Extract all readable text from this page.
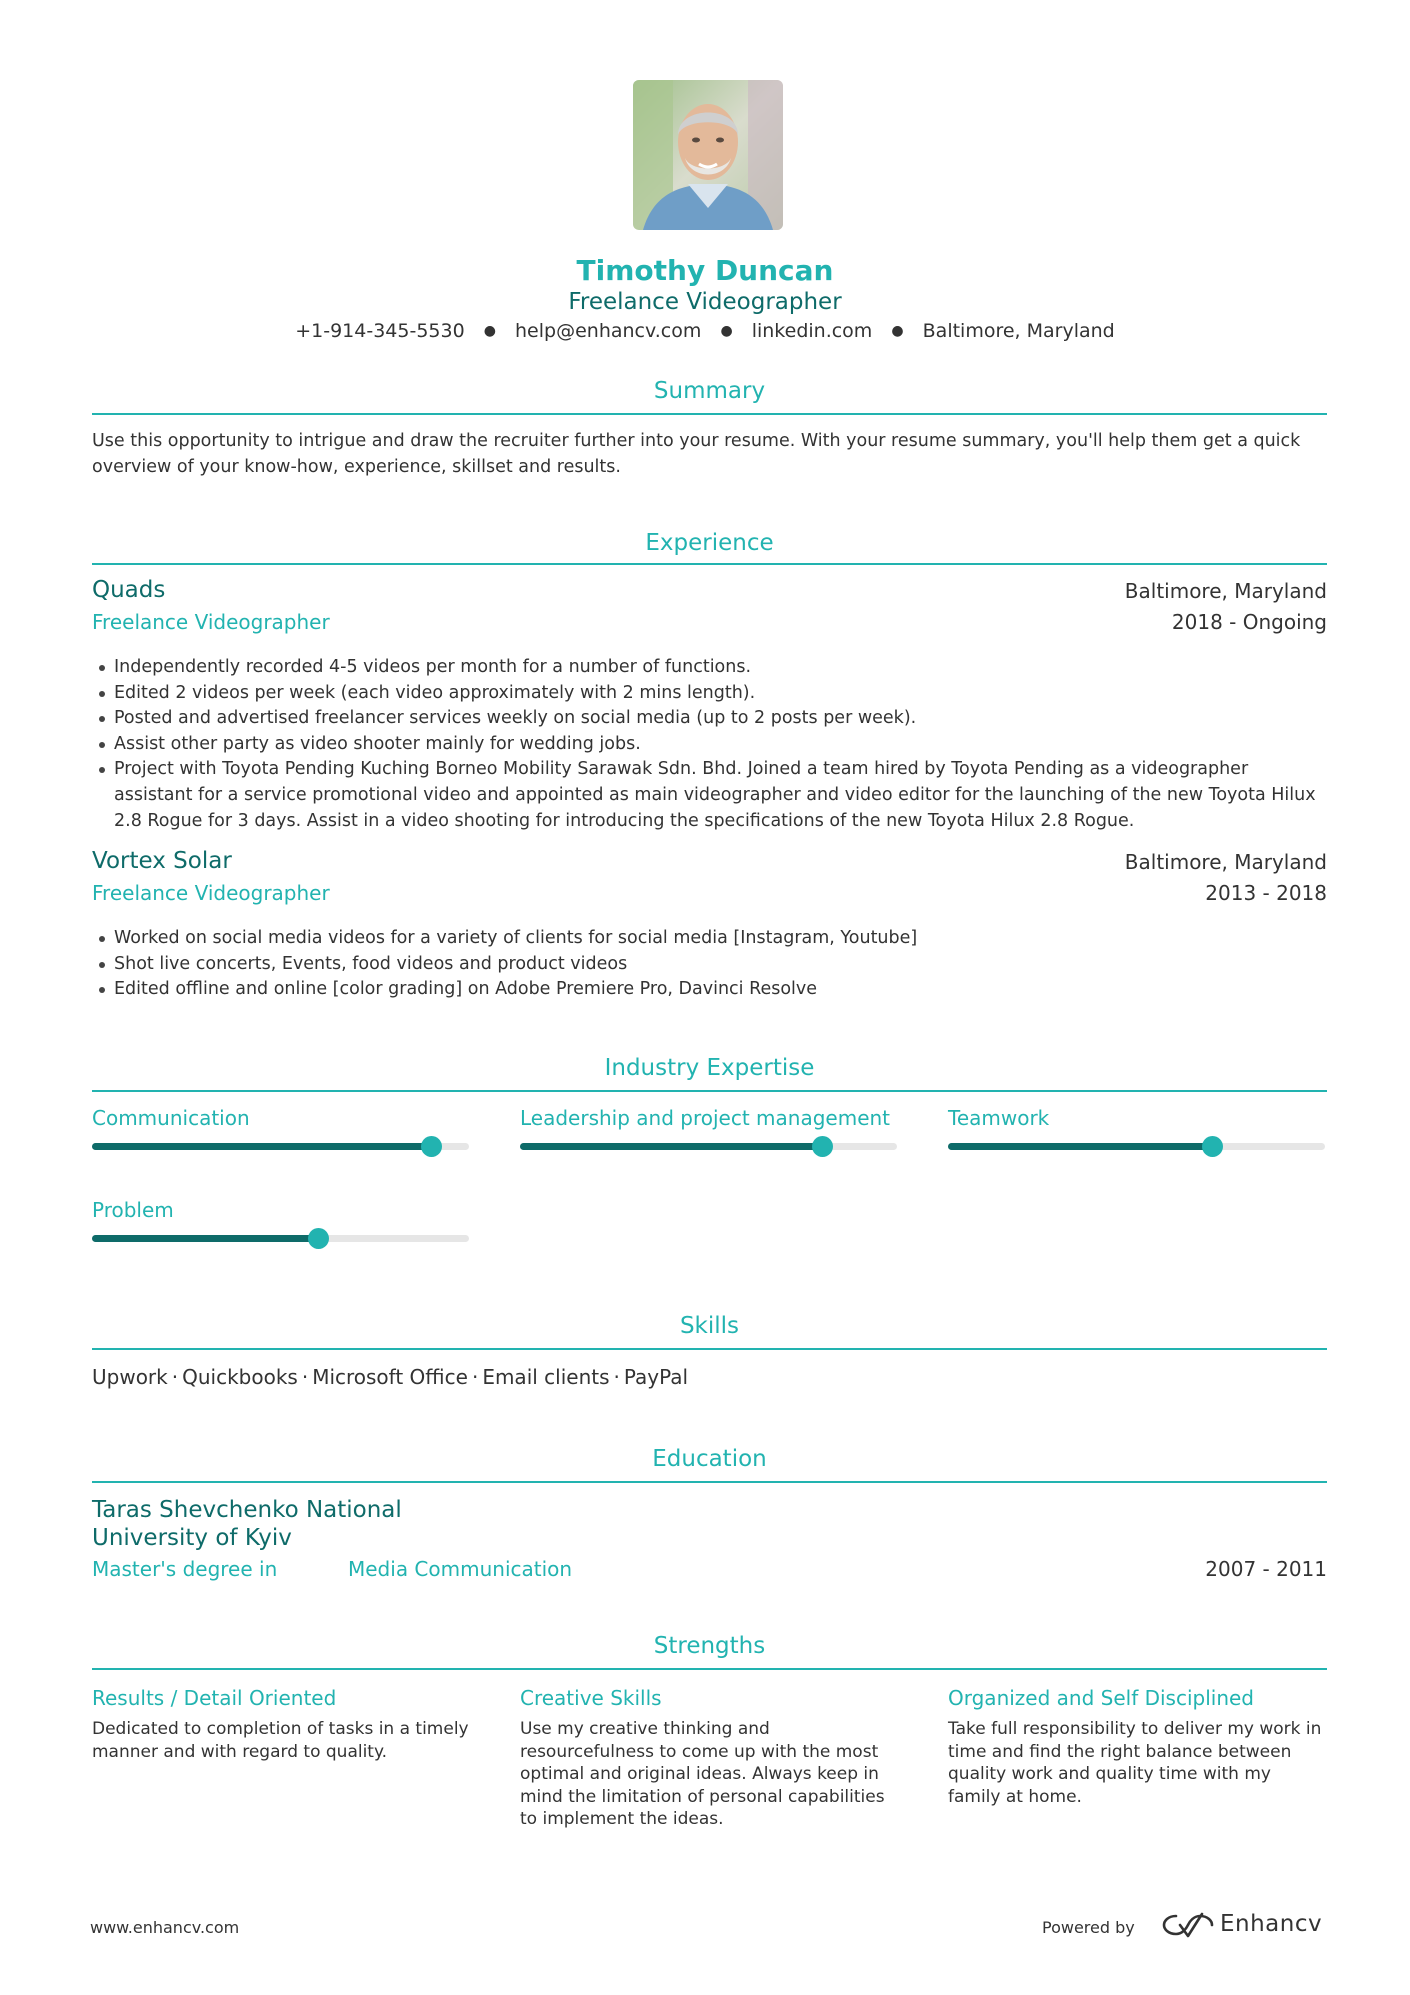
Timothy Duncan
Freelance Videographer
+1-914-345-5530 ● help@enhancv.com ● linkedin.com ● Baltimore, Maryland
Summary
Use this opportunity to intrigue and draw the recruiter further into your resume. With your resume summary, you'll help them get a quick overview of your know-how, experience, skillset and results.
Experience
Quads	Baltimore, Maryland
Freelance Videographer	2018 - Ongoing
Independently recorded 4-5 videos per month for a number of functions.
Edited 2 videos per week (each video approximately with 2 mins length).
Posted and advertised freelancer services weekly on social media (up to 2 posts per week).
Assist other party as video shooter mainly for wedding jobs.
Project with Toyota Pending Kuching Borneo Mobility Sarawak Sdn. Bhd. Joined a team hired by Toyota Pending as a videographer assistant for a service promotional video and appointed as main videographer and video editor for the launching of the new Toyota Hilux 2.8 Rogue for 3 days. Assist in a video shooting for introducing the specifications of the new Toyota Hilux 2.8 Rogue.
Vortex Solar	Baltimore, Maryland
Freelance Videographer	2013 - 2018
Worked on social media videos for a variety of clients for social media [Instagram, Youtube]
Shot live concerts, Events, food videos and product videos
Edited offline and online [color grading] on Adobe Premiere Pro, Davinci Resolve
Industry Expertise
Communication	Leadership and project management	Teamwork
Problem
Skills
Upwork · Quickbooks · Microsoft Office · Email clients · PayPal
Education
Taras Shevchenko National University of Kyiv
Master's degree in	Media Communication	2007 - 2011
Strengths
Results / Detail Oriented
Dedicated to completion of tasks in a timely manner and with regard to quality.
Creative Skills
Use my creative thinking and resourcefulness to come up with the most optimal and original ideas. Always keep in mind the limitation of personal capabilities to implement the ideas.
Organized and Self Disciplined
Take full responsibility to deliver my work in time and find the right balance between quality work and quality time with my family at home.
www.enhancv.com	Powered by	Enhancv
